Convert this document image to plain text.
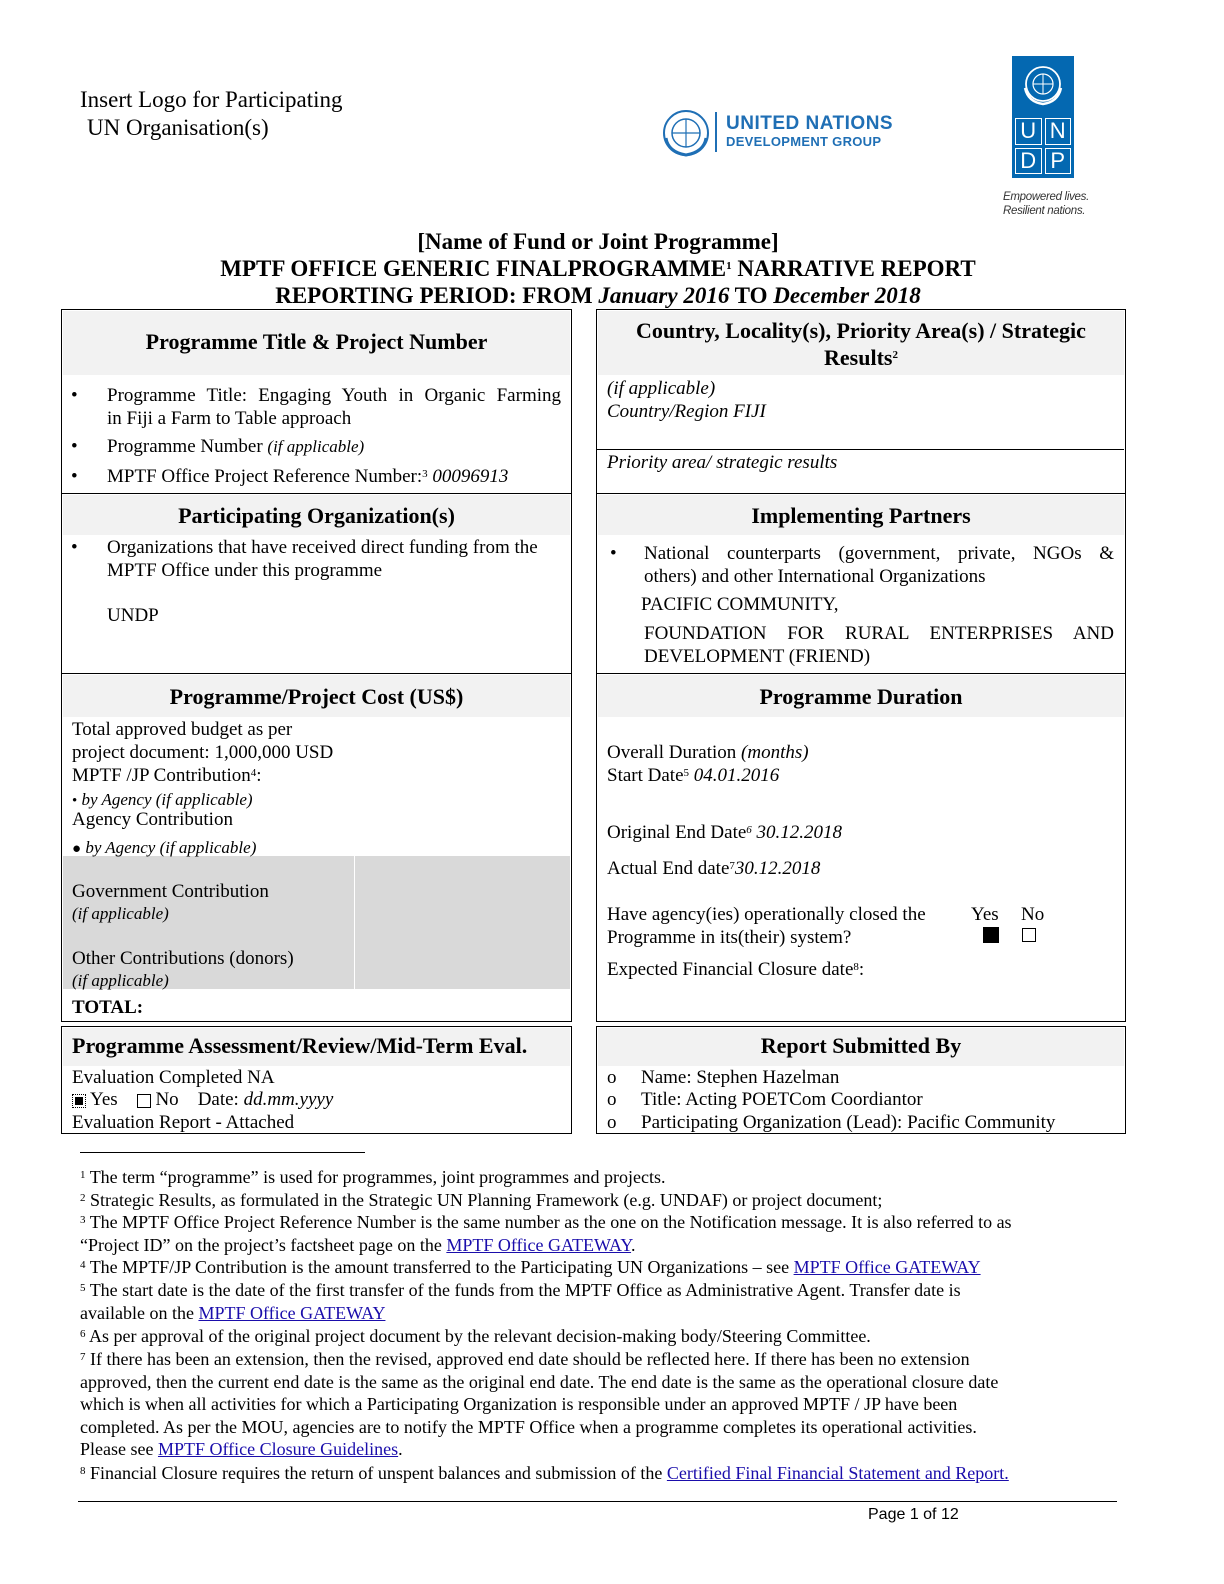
Insert Logo for Participating
UN Organisation(s)	UNITED NATIONS
DEVELOPMENT GROUP	U N
D P
Empowered lives.
Resilient nations.
[Name of Fund or Joint Programme]
MPTF OFFICE GENERIC FINALPROGRAMME$^1$ NARRATIVE REPORT
REPORTING PERIOD: FROM January 2016 TO December 2018
Programme Title & Project Number
• Programme Title: Engaging Youth in Organic Farming
in Fiji a Farm to Table approach
• Programme Number (if applicable)
• MPTF Office Project Reference Number:$^3$ 00096913
Participating Organization(s)
• Organizations that have received direct funding from the
MPTF Office under this programme
UNDP
Programme/Project Cost (US$)
Total approved budget as per
project document: 1,000,000 USD
MPTF /JP Contribution$^4$:
• by Agency (if applicable)
Agency Contribution
● by Agency (if applicable)
Government Contribution
(if applicable)
Other Contributions (donors)
(if applicable)
TOTAL:
Programme Assessment/Review/Mid-Term Eval.
Evaluation Completed NA
Yes No Date: dd.mm.yyyy
Evaluation Report - Attached
Country, Locality(s), Priority Area(s) / Strategic
Results$^2$
(if applicable)
Country/Region FIJI
Priority area/ strategic results
Implementing Partners
• National counterparts (government, private, NGOs &
others) and other International Organizations
PACIFIC COMMUNITY,
FOUNDATION FOR RURAL ENTERPRISES AND
DEVELOPMENT (FRIEND)
Programme Duration
Overall Duration (months)
Start Date$^5$ 04.01.2016
Original End Date$^6$ 30.12.2018
Actual End date$^7$30.12.2018
Have agency(ies) operationally closed the
Programme in its(their) system?
Yes No
Expected Financial Closure date$^8$:
Report Submitted By
o Name: Stephen Hazelman
o Title: Acting POETCom Coordiantor
o Participating Organization (Lead): Pacific Community
$^1$ The term “programme” is used for programmes, joint programmes and projects.
$^2$ Strategic Results, as formulated in the Strategic UN Planning Framework (e.g. UNDAF) or project document;
$^3$ The MPTF Office Project Reference Number is the same number as the one on the Notification message. It is also referred to as
“Project ID” on the project’s factsheet page on the MPTF Office GATEWAY.
$^4$ The MPTF/JP Contribution is the amount transferred to the Participating UN Organizations – see MPTF Office GATEWAY
$^5$ The start date is the date of the first transfer of the funds from the MPTF Office as Administrative Agent. Transfer date is
available on the MPTF Office GATEWAY
$^6$ As per approval of the original project document by the relevant decision-making body/Steering Committee.
$^7$ If there has been an extension, then the revised, approved end date should be reflected here. If there has been no extension
approved, then the current end date is the same as the original end date. The end date is the same as the operational closure date
which is when all activities for which a Participating Organization is responsible under an approved MPTF / JP have been
completed. As per the MOU, agencies are to notify the MPTF Office when a programme completes its operational activities.
Please see MPTF Office Closure Guidelines.
$^8$ Financial Closure requires the return of unspent balances and submission of the Certified Final Financial Statement and Report.
Page 1 of 12
